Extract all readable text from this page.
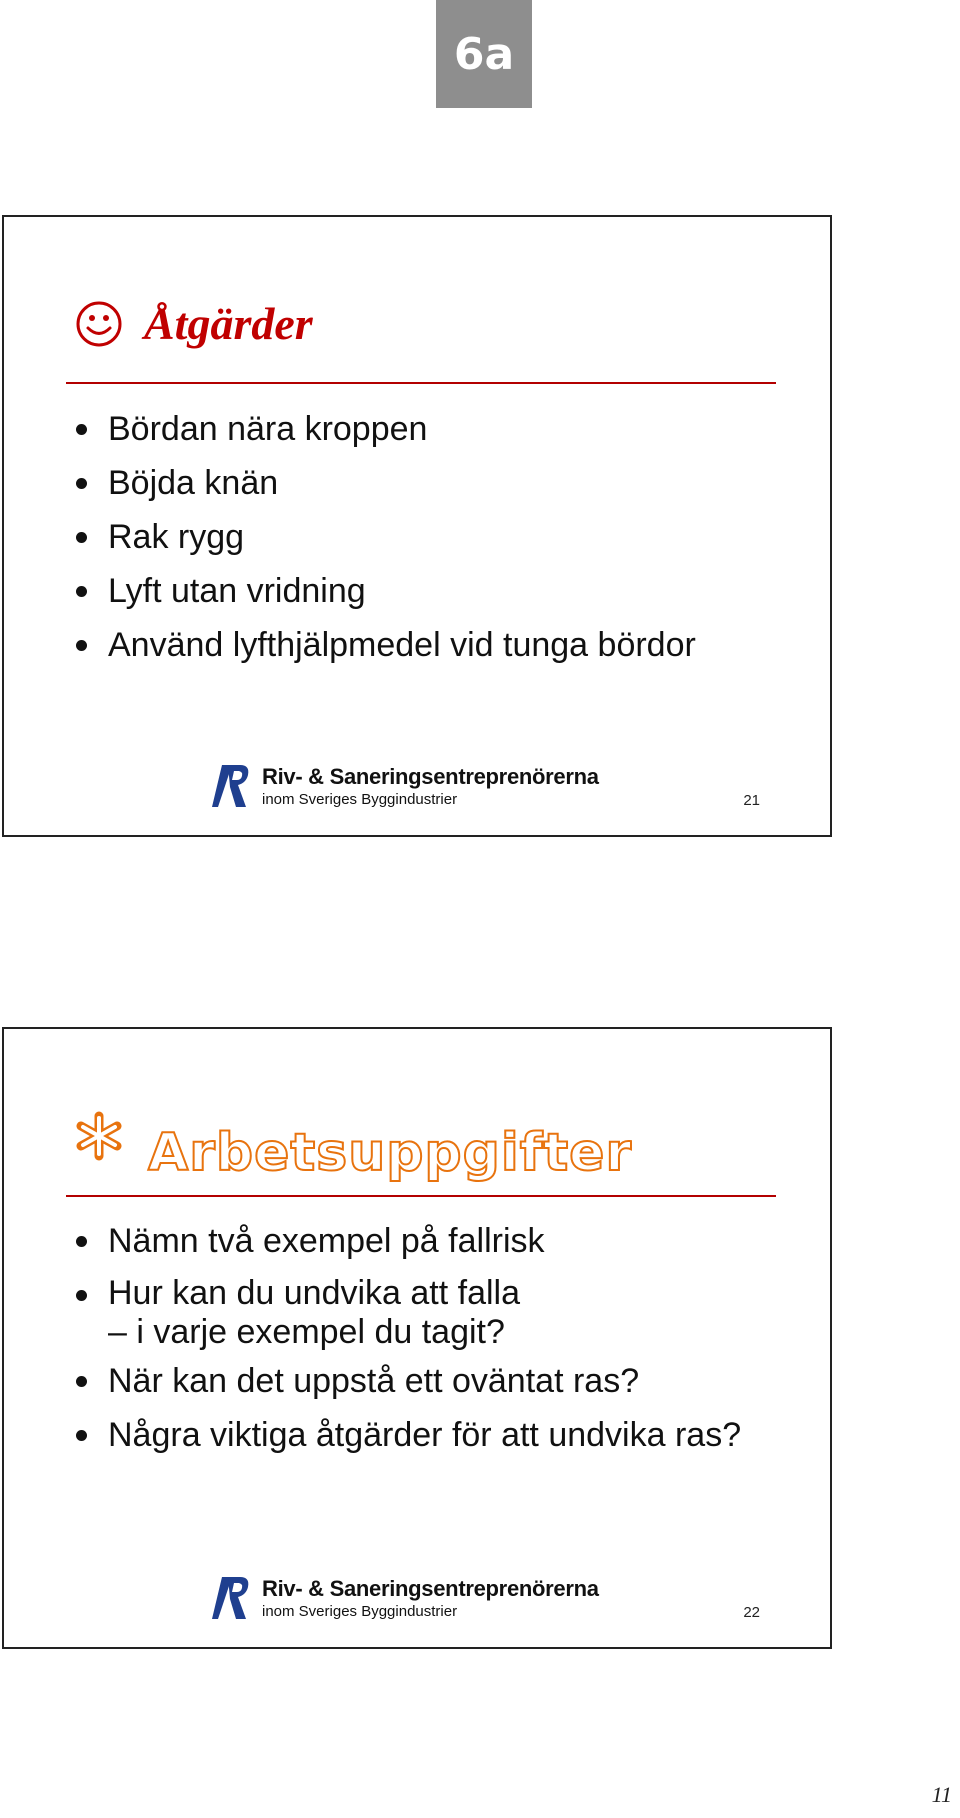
6a
Åtgärder
Bördan nära kroppen
Böjda knän
Rak rygg
Lyft utan vridning
Använd lyfthjälpmedel vid tunga bördor
Riv- & Saneringsentreprenörerna
inom Sveriges Byggindustrier	21
Arbetsuppgifter
Nämn två exempel på fallrisk
Hur kan du undvika att falla
– i varje exempel du tagit?
När kan det uppstå ett oväntat ras?
Några viktiga åtgärder för att undvika ras?
Riv- & Saneringsentreprenörerna
inom Sveriges Byggindustrier	22
11
